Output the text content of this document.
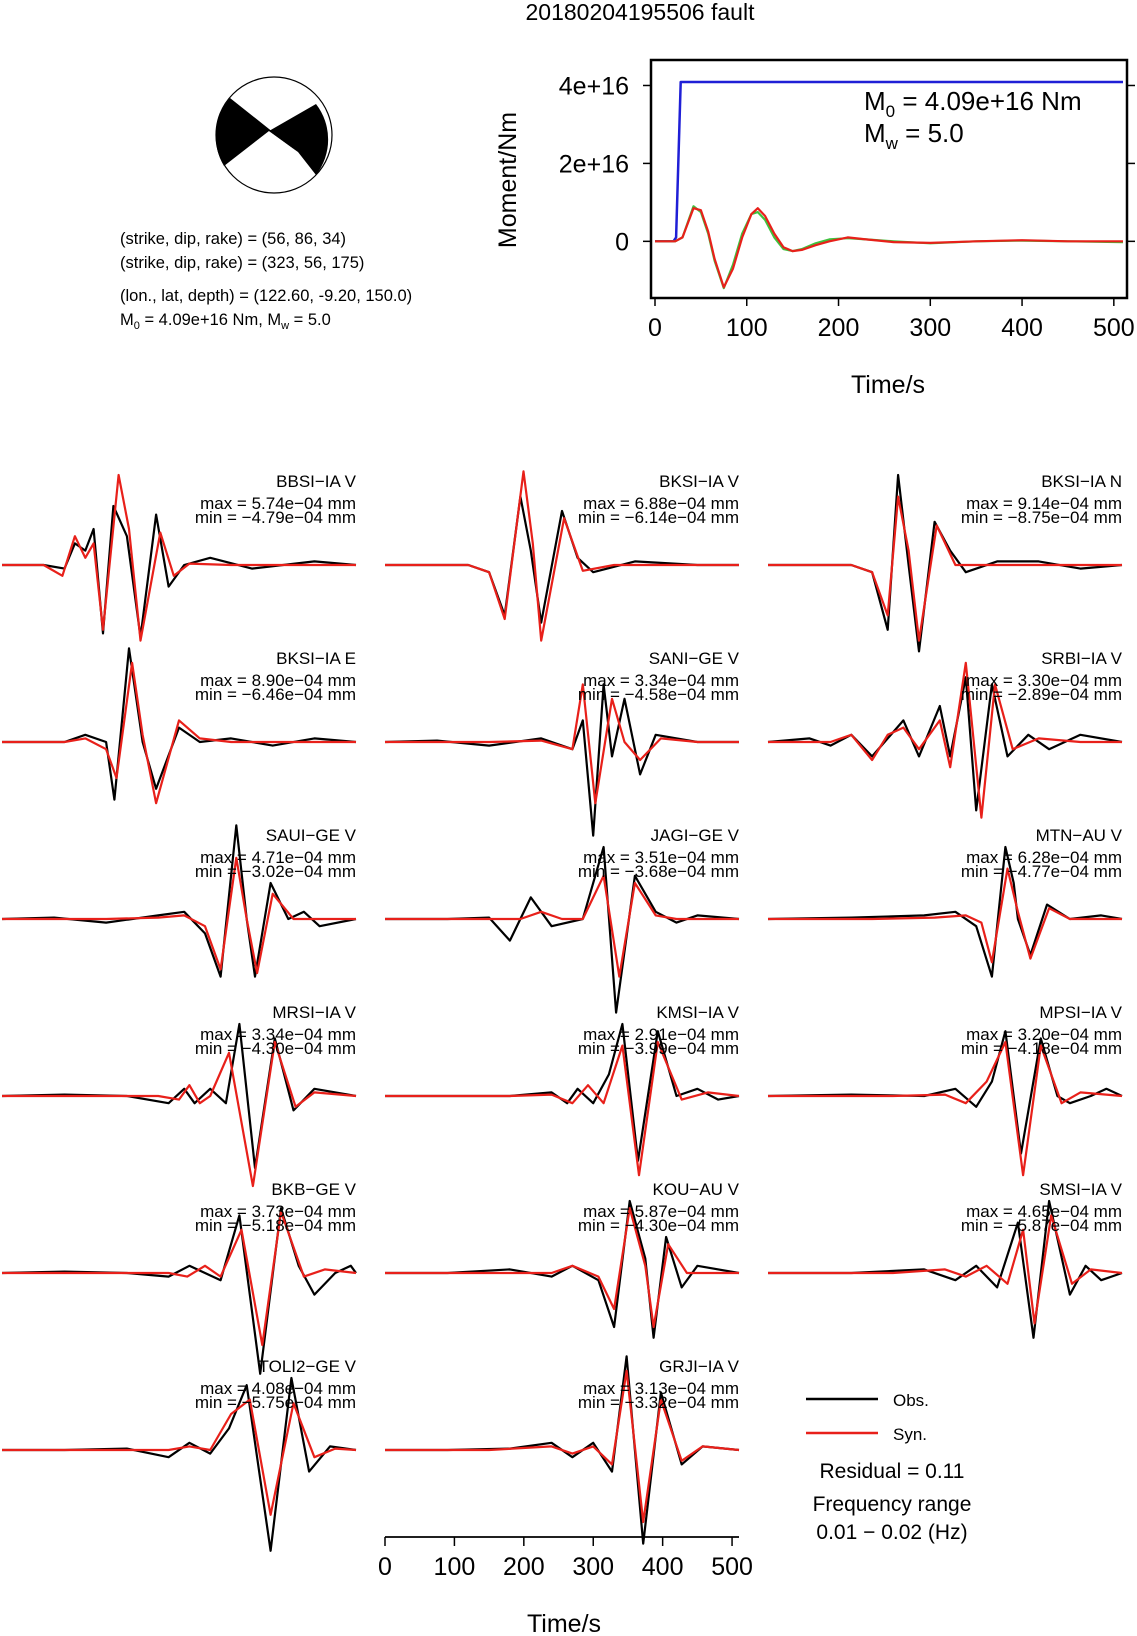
20180204195506 fault
(strike, dip, rake) = (56, 86, 34)
(strike, dip, rake) = (323, 56, 175)
(lon., lat, depth) = (122.60, -9.20, 150.0)
$M_0 = 4.09e+16$ Nm, $M_w = 5.0$	0	100 200 300 400 500
0
2e+16
4e+16
Moment/Nm
Time/s
$M_0 = 4.09e+16$ Nm
$M_w = 5.0$
BBSI−IA V
max = 5.74e−04 mm
min = −4.79e−04 mm
BKSI−IA V
max = 6.88e−04 mm
min = −6.14e−04 mm
BKSI−IA N
max = 9.14e−04 mm
min = −8.75e−04 mm
BKSI−IA E
max = 8.90e−04 mm
min = −6.46e−04 mm
SANI−GE V
max = 3.34e−04 mm
min = −4.58e−04 mm
SRBI−IA V
max = 3.30e−04 mm
min = −2.89e−04 mm
SAUI−GE V
max = 4.71e−04 mm
min = −3.02e−04 mm
JAGI−GE V
max = 3.51e−04 mm
min = −3.68e−04 mm
MTN−AU V
max = 6.28e−04 mm
min = −4.77e−04 mm
MRSI−IA V
max = 3.34e−04 mm
min = −4.30e−04 mm
KMSI−IA V
max = 2.91e−04 mm
min = −3.99e−04 mm
MPSI−IA V
max = 3.20e−04 mm
min = −4.18e−04 mm
BKB−GE V
max = 3.73e−04 mm
min = −5.18e−04 mm
KOU−AU V
max = 5.87e−04 mm
min = −4.30e−04 mm
SMSI−IA V
max = 4.65e−04 mm
min = −5.87e−04 mm
TOLI2−GE V
max = 4.08e−04 mm
min = −5.75e−04 mm
GRJI−IA V
max = 3.13e−04 mm
min = −3.32e−04 mm
0 100 200 300 400 500
Time/s
Obs.
Syn.
Residual = 0.11
Frequency range
0.01 − 0.02 (Hz)
